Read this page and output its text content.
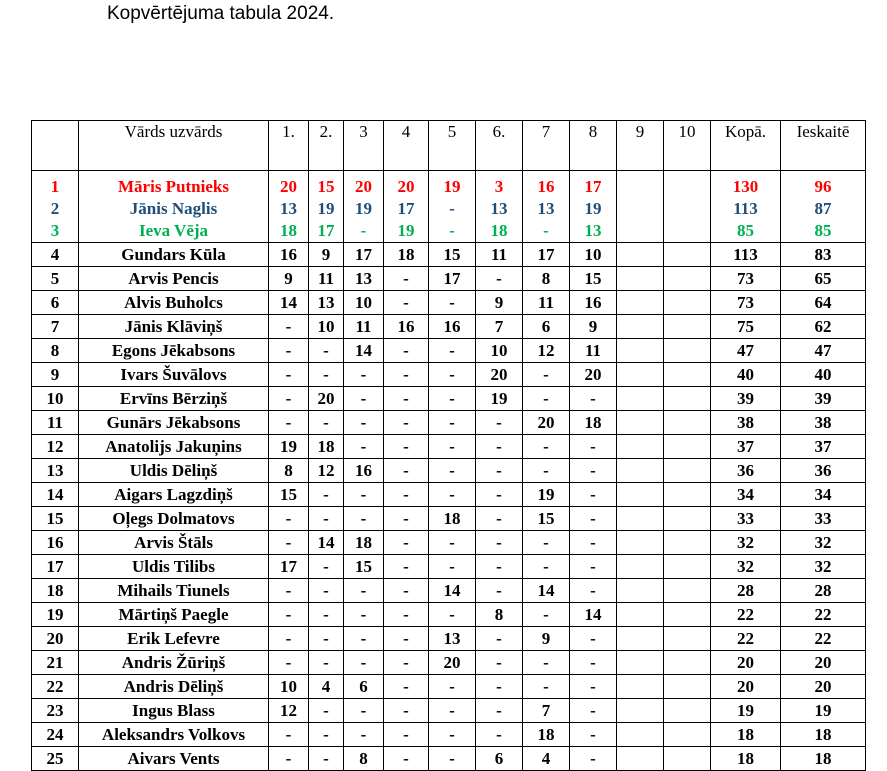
Kopvērtējuma tabula 2024.
	Vārds uzvārds	1.	2.	3	4	5	6.	7	8	9	10	Kopā.	Ieskaitē
1	Māris Putnieks	20	15	20	20	19	3	16	17			130	96
2	Jānis Naglis	13	19	19	17	-	13	13	19			113	87
3	Ieva Vēja	18	17	-	19	-	18	-	13			85	85
4	Gundars Kūla	16	9	17	18	15	11	17	10			113	83
5	Arvis Pencis	9	11	13	-	17	-	8	15			73	65
6	Alvis Buholcs	14	13	10	-	-	9	11	16			73	64
7	Jānis Klāviņš	-	10	11	16	16	7	6	9			75	62
8	Egons Jēkabsons	-	-	14	-	-	10	12	11			47	47
9	Ivars Šuvālovs	-	-	-	-	-	20	-	20			40	40
10	Ervīns Bērziņš	-	20	-	-	-	19	-	-			39	39
11	Gunārs Jēkabsons	-	-	-	-	-	-	20	18			38	38
12	Anatolijs Jakuņins	19	18	-	-	-	-	-	-			37	37
13	Uldis Dēliņš	8	12	16	-	-	-	-	-			36	36
14	Aigars Lagzdiņš	15	-	-	-	-	-	19	-			34	34
15	Oļegs Dolmatovs	-	-	-	-	18	-	15	-			33	33
16	Arvis Štāls	-	14	18	-	-	-	-	-			32	32
17	Uldis Tilibs	17	-	15	-	-	-	-	-			32	32
18	Mihails Tiunels	-	-	-	-	14	-	14	-			28	28
19	Mārtiņš Paegle	-	-	-	-	-	8	-	14			22	22
20	Erik Lefevre	-	-	-	-	13	-	9	-			22	22
21	Andris Žūriņš	-	-	-	-	20	-	-	-			20	20
22	Andris Dēliņš	10	4	6	-	-	-	-	-			20	20
23	Ingus Blass	12	-	-	-	-	-	7	-			19	19
24	Aleksandrs Volkovs	-	-	-	-	-	-	18	-			18	18
25	Aivars Vents	-	-	8	-	-	6	4	-			18	18
